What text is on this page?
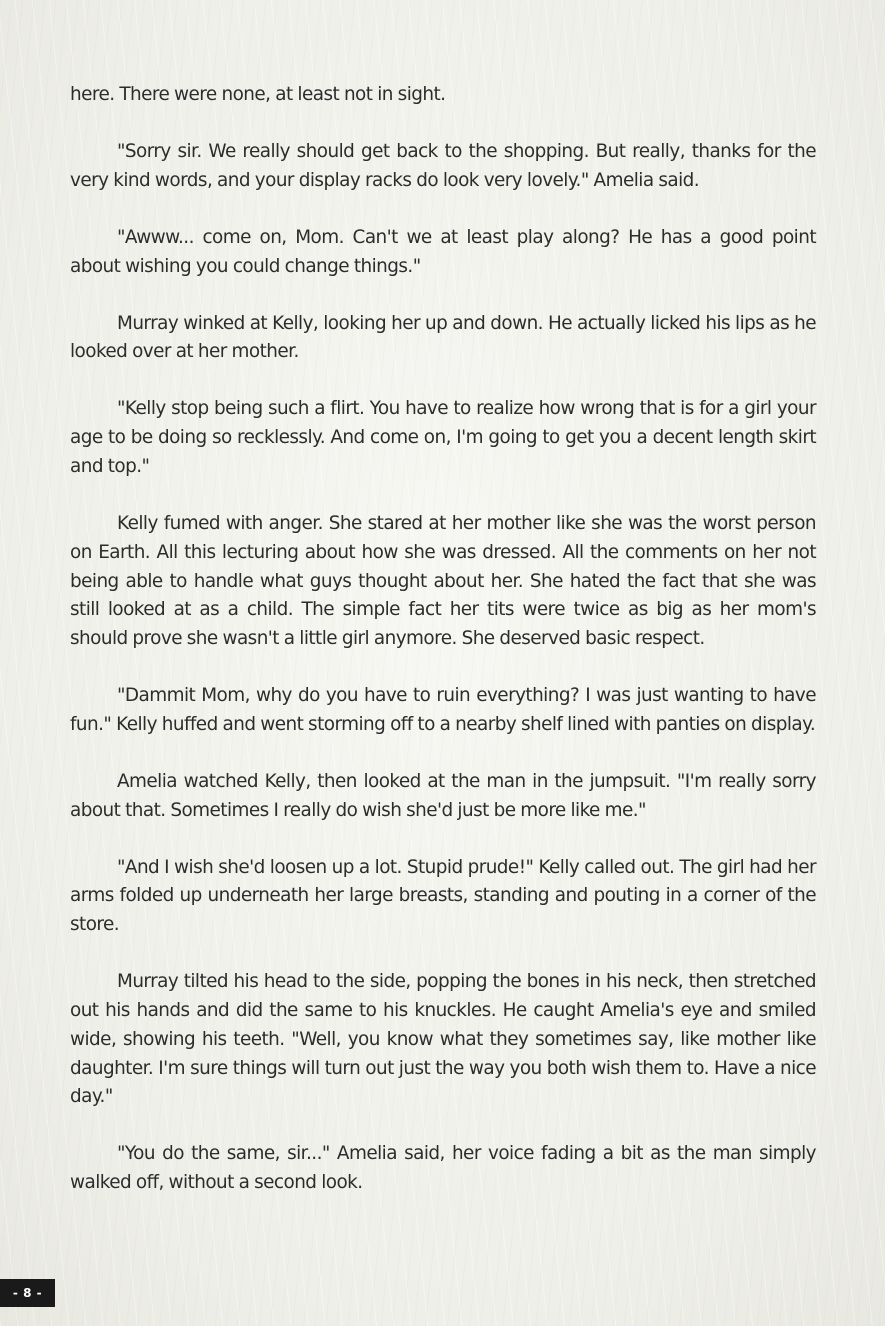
here. There were none, at least not in sight.

"Sorry sir. We really should get back to the shopping. But really, thanks for the very kind words, and your display racks do look very lovely." Amelia said.

"Awww... come on, Mom. Can't we at least play along? He has a good point about wishing you could change things."

Murray winked at Kelly, looking her up and down. He actually licked his lips as he looked over at her mother.

"Kelly stop being such a flirt. You have to realize how wrong that is for a girl your age to be doing so recklessly. And come on, I'm going to get you a decent length skirt and top."

Kelly fumed with anger. She stared at her mother like she was the worst person on Earth. All this lecturing about how she was dressed. All the comments on her not being able to handle what guys thought about her. She hated the fact that she was still looked at as a child. The simple fact her tits were twice as big as her mom's should prove she wasn't a little girl anymore. She deserved basic respect.

"Dammit Mom, why do you have to ruin everything? I was just wanting to have fun." Kelly huffed and went storming off to a nearby shelf lined with panties on display.

Amelia watched Kelly, then looked at the man in the jumpsuit. "I'm really sorry about that. Sometimes I really do wish she'd just be more like me."

"And I wish she'd loosen up a lot. Stupid prude!" Kelly called out. The girl had her arms folded up underneath her large breasts, standing and pouting in a corner of the store.

Murray tilted his head to the side, popping the bones in his neck, then stretched out his hands and did the same to his knuckles. He caught Amelia's eye and smiled wide, showing his teeth. "Well, you know what they sometimes say, like mother like daughter. I'm sure things will turn out just the way you both wish them to. Have a nice day."

"You do the same, sir..." Amelia said, her voice fading a bit as the man simply walked off, without a second look.

- 8 -
